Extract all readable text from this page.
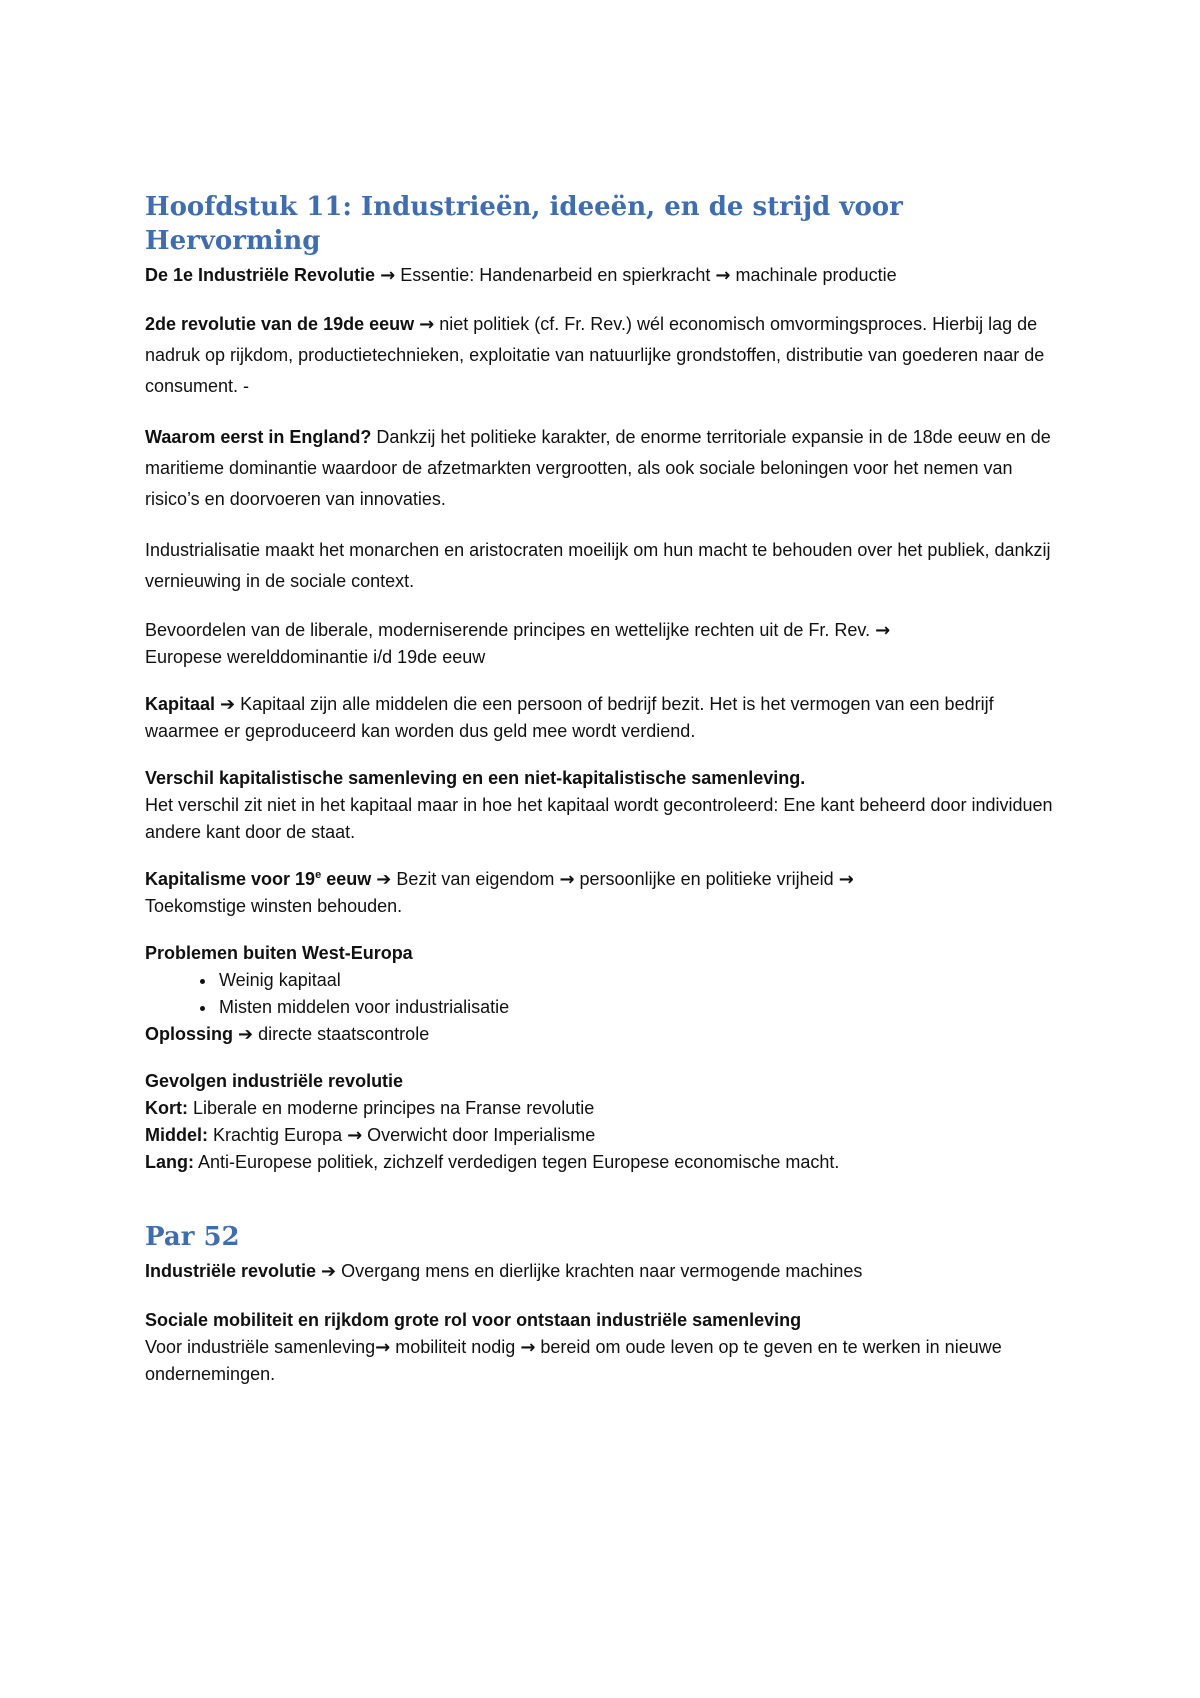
Hoofdstuk 11: Industrieën, ideeën, en de strijd voor Hervorming

De 1e Industriële Revolutie → Essentie: Handenarbeid en spierkracht → machinale productie

2de revolutie van de 19de eeuw → niet politiek (cf. Fr. Rev.) wél economisch omvormingsproces. Hierbij lag de nadruk op rijkdom, productietechnieken, exploitatie van natuurlijke grondstoffen, distributie van goederen naar de consument. -

Waarom eerst in England? Dankzij het politieke karakter, de enorme territoriale expansie in de 18de eeuw en de maritieme dominantie waardoor de afzetmarkten vergrootten, als ook sociale beloningen voor het nemen van risico’s en doorvoeren van innovaties.

Industrialisatie maakt het monarchen en aristocraten moeilijk om hun macht te behouden over het publiek, dankzij vernieuwing in de sociale context.

Bevoordelen van de liberale, moderniserende principes en wettelijke rechten uit de Fr. Rev. →
Europese werelddominantie i/d 19de eeuw

Kapitaal ➔ Kapitaal zijn alle middelen die een persoon of bedrijf bezit. Het is het vermogen van een bedrijf waarmee er geproduceerd kan worden dus geld mee wordt verdiend.

Verschil kapitalistische samenleving en een niet-kapitalistische samenleving.
Het verschil zit niet in het kapitaal maar in hoe het kapitaal wordt gecontroleerd: Ene kant beheerd door individuen andere kant door de staat.

Kapitalisme voor 19e eeuw ➔ Bezit van eigendom → persoonlijke en politieke vrijheid →
Toekomstige winsten behouden.

Problemen buiten West-Europa

• Weinig kapitaal
• Misten middelen voor industrialisatie

Oplossing ➔ directe staatscontrole

Gevolgen industriële revolutie

Kort: Liberale en moderne principes na Franse revolutie

Middel: Krachtig Europa → Overwicht door Imperialisme

Lang: Anti-Europese politiek, zichzelf verdedigen tegen Europese economische macht.

Par 52

Industriële revolutie ➔ Overgang mens en dierlijke krachten naar vermogende machines

Sociale mobiliteit en rijkdom grote rol voor ontstaan industriële samenleving
Voor industriële samenleving→ mobiliteit nodig → bereid om oude leven op te geven en te werken in nieuwe ondernemingen.
